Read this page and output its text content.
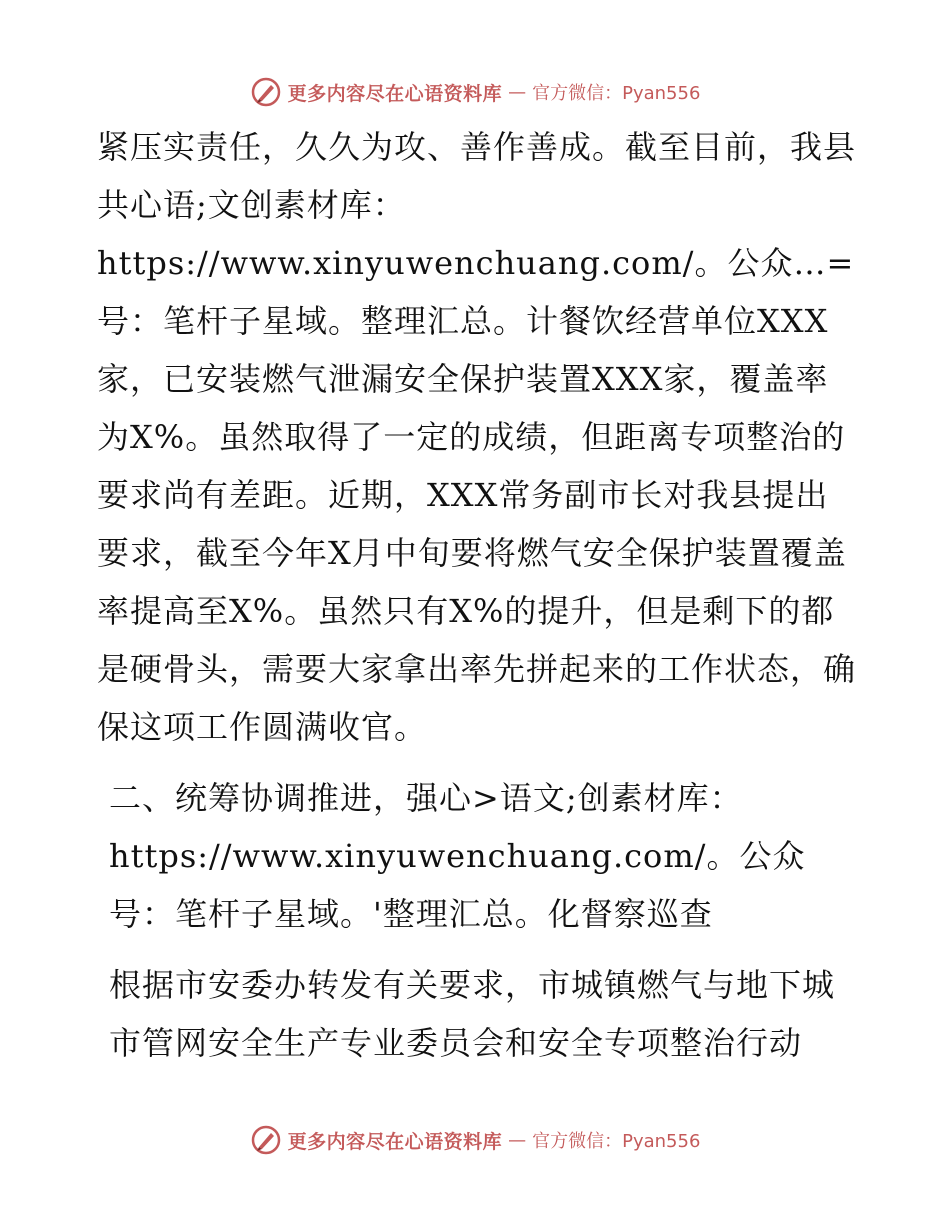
更多内容尽在心语资料库 — 官方微信：Pyan556

紧压实责任，久久为攻、善作善成。截至目前，我县共心语;文创素材库：https://www.xinyuwenchuang.com/。公众…=号：笔杆子星域。整理汇总。计餐饮经营单位XXX家，已安装燃气泄漏安全保护装置XXX家，覆盖率为X%。虽然取得了一定的成绩，但距离专项整治的要求尚有差距。近期，XXX常务副市长对我县提出要求，截至今年X月中旬要将燃气安全保护装置覆盖率提高至X%。虽然只有X%的提升，但是剩下的都是硬骨头，需要大家拿出率先拼起来的工作状态，确保这项工作圆满收官。

二、统筹协调推进，强心>语文;创素材库：https://www.xinyuwenchuang.com/。公众号：笔杆子星域。'整理汇总。化督察巡查

根据市安委办转发有关要求，市城镇燃气与地下城市管网安全生产专业委员会和安全专项整治行动

更多内容尽在心语资料库 — 官方微信：Pyan556
